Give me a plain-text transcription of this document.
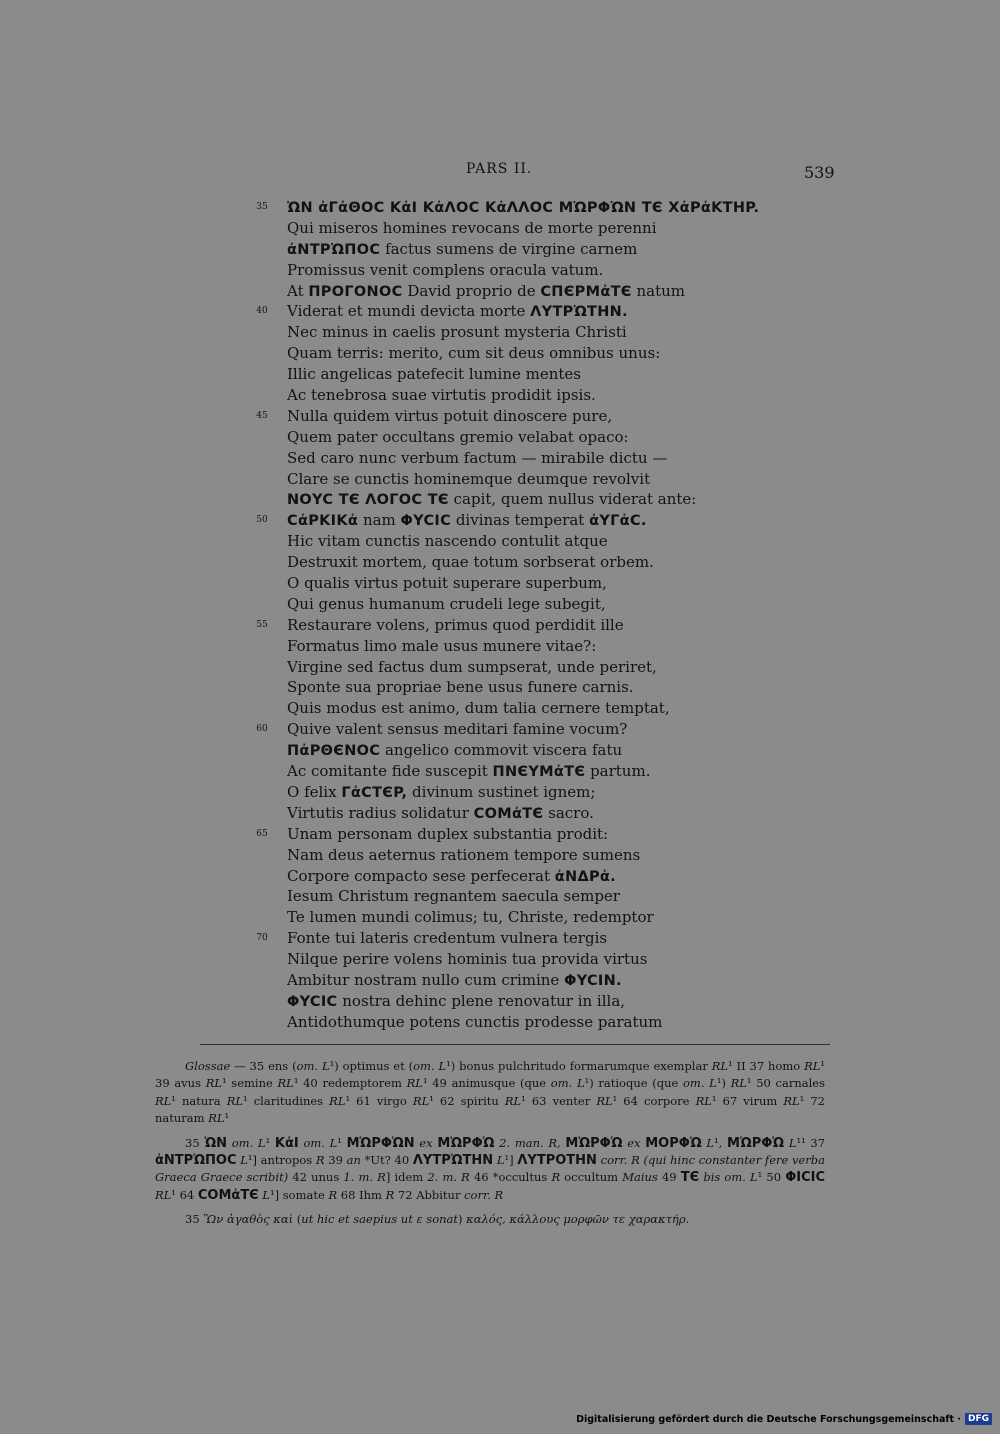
PARS II.	539
35 ὨN ἀΓἀΘΟC KἀI KἀΛΟC KἀΛΛΟC MὨPΦὨN TЄ XἀPἀKTHP.
Qui miseros homines revocans de morte perenni
ἀNTPὨΠΟC factus sumens de virgine carnem
Promissus venit complens oracula vatum.
At ΠPΟΓΟNΟC David proprio de CΠЄPMἀTЄ natum
40 Viderat et mundi devicta morte ΛYTPὨTHN.
Nec minus in caelis prosunt mysteria Christi
Quam terris: merito, cum sit deus omnibus unus:
Illic angelicas patefecit lumine mentes
Ac tenebrosa suae virtutis prodidit ipsis.
45 Nulla quidem virtus potuit dinoscere pure,
Quem pater occultans gremio velabat opaco:
Sed caro nunc verbum factum — mirabile dictu —
Clare se cunctis hominemque deumque revolvit
NΟYC TЄ ΛΟΓΟC TЄ capit, quem nullus viderat ante:
50 CἀPKIKἀ nam ΦYCIC divinas temperat ἀYΓἀC.
Hic vitam cunctis nascendo contulit atque
Destruxit mortem, quae totum sorbserat orbem.
O qualis virtus potuit superare superbum,
Qui genus humanum crudeli lege subegit,
55 Restaurare volens, primus quod perdidit ille
Formatus limo male usus munere vitae?:
Virgine sed factus dum sumpserat, unde periret,
Sponte sua propriae bene usus funere carnis.
Quis modus est animo, dum talia cernere temptat,
60 Quive valent sensus meditari famine vocum?
ΠἀPΘЄNΟC angelico commovit viscera fatu
Ac comitante fide suscepit ΠNЄYMἀTЄ partum.
O felix ΓἀCTЄP, divinum sustinet ignem;
Virtutis radius solidatur CΟMἀTЄ sacro.
65 Unam personam duplex substantia prodit:
Nam deus aeternus rationem tempore sumens
Corpore compacto sese perfecerat ἀNΔPἀ.
Iesum Christum regnantem saecula semper
Te lumen mundi colimus; tu, Christe, redemptor
70 Fonte tui lateris credentum vulnera tergis
Nilque perire volens hominis tua provida virtus
Ambitur nostram nullo cum crimine ΦYCIN.
ΦYCIC nostra dehinc plene renovatur in illa,
Antidothumque potens cunctis prodesse paratum

Glossae — 35 ens (om. L¹) optimus et (om. L¹) bonus pulchritudo formarumque exemplar RL¹ II 37 homo RL¹ 39 avus RL¹ semine RL¹ 40 redemptorem RL¹ 49 animusque (que om. L¹) ratioque (que om. L¹) RL¹ 50 carnales RL¹ natura RL¹ claritudines RL¹ 61 virgo RL¹ 62 spiritu RL¹ 63 venter RL¹ 64 corpore RL¹ 67 virum RL¹ 72 naturam RL¹

35 ὨN om. L¹ KἀI om. L¹ MὨPΦὨN ex MὨPΦὨ 2. man. R, MὨPΦὨ ex MΟPΦὨ L¹, MὨPΦὨ L¹¹ 37 ἀNTPὨΠΟC L¹] antropos R 39 an *Ut? 40 ΛYTPὨTHN L¹] ΛYTPΟTHN corr. R (qui hinc constanter fere verba Graeca Graece scribit) 42 unus 1. m. R] idem 2. m. R 46 *occultus R occultum Maius 49 TЄ bis om. L¹ 50 ΦICIC RL¹ 64 CΟMἀTЄ L¹] somate R 68 Ihm R 72 Abbitur corr. R

35 Ὢν ἀγαθὸς καὶ (ut hic et saepius ut ε sonat) καλός, κάλλους μορφῶν τε χαρακτήρ.

Digitalisierung gefördert durch die Deutsche Forschungsgemeinschaft · DFG
